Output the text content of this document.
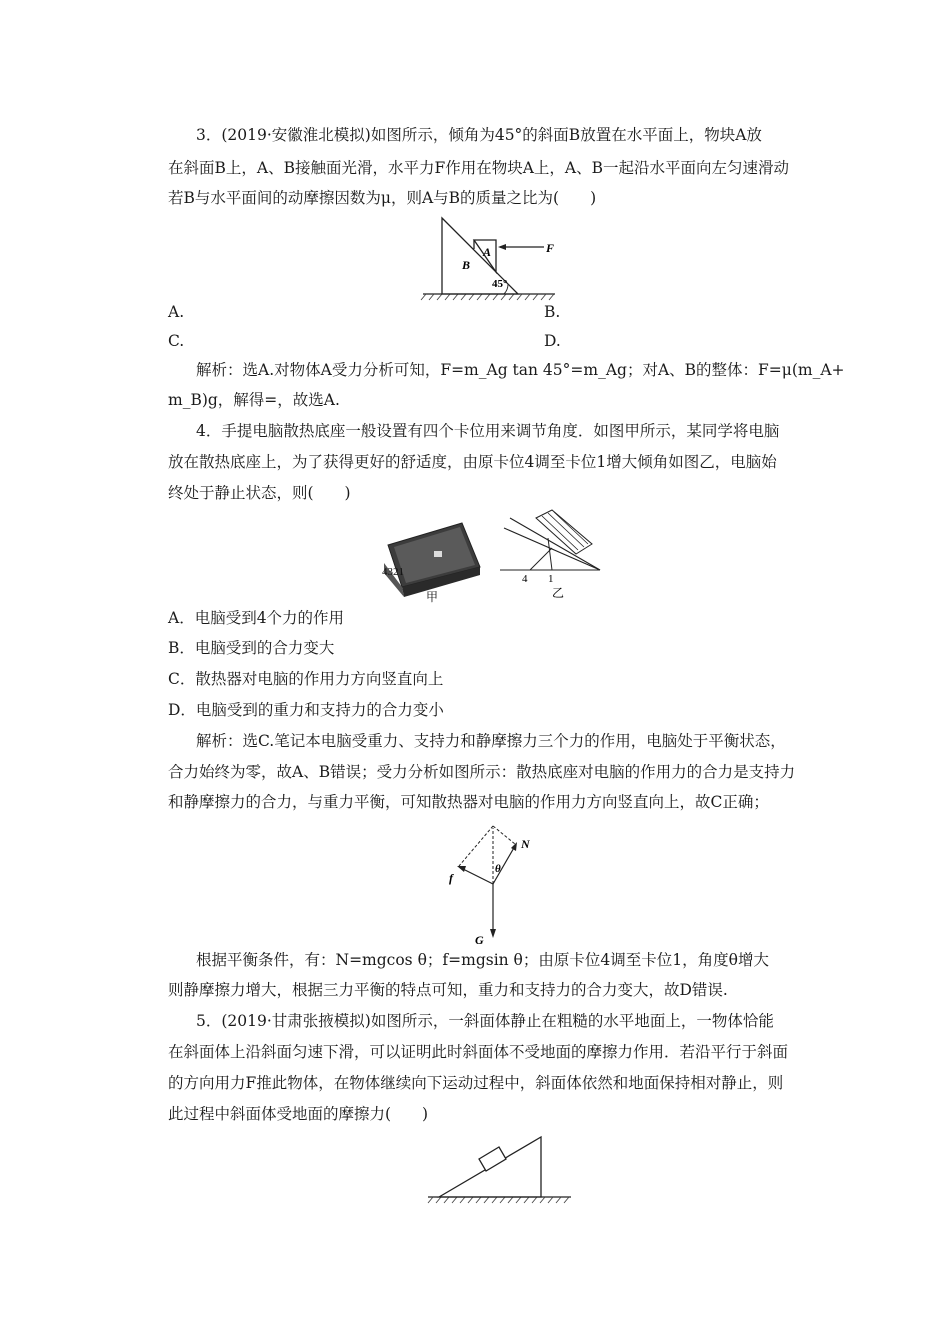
3．(2019·安徽淮北模拟)如图所示，倾角为45°的斜面B放置在水平面上，物块A放
在斜面B上，A、B接触面光滑，水平力F作用在物块A上，A、B一起沿水平面向左匀速滑动
若B与水平面间的动摩擦因数为μ，则A与B的质量之比为(　　)
B
A	F
45°
A.	B.
C.	D.
解析：选A.对物体A受力分析可知，F=m_Ag tan 45°=m_Ag；对A、B的整体：F=μ(m_A+
m_B)g，解得=，故选A.
4．手提电脑散热底座一般设置有四个卡位用来调节角度．如图甲所示，某同学将电脑
放在散热底座上，为了获得更好的舒适度，由原卡位4调至卡位1增大倾角如图乙，电脑始
终处于静止状态，则(　　)
4321
甲
4 1
乙
A．电脑受到4个力的作用
B．电脑受到的合力变大
C．散热器对电脑的作用力方向竖直向上
D．电脑受到的重力和支持力的合力变小
解析：选C.笔记本电脑受重力、支持力和静摩擦力三个力的作用，电脑处于平衡状态，
合力始终为零，故A、B错误；受力分析如图所示：散热底座对电脑的作用力的合力是支持力
和静摩擦力的合力，与重力平衡，可知散热器对电脑的作用力方向竖直向上，故C正确；
N
f
G
θ
根据平衡条件，有：N=mgcos θ；f=mgsin θ；由原卡位4调至卡位1，角度θ增大
则静摩擦力增大，根据三力平衡的特点可知，重力和支持力的合力变大，故D错误.
5．(2019·甘肃张掖模拟)如图所示，一斜面体静止在粗糙的水平地面上，一物体恰能
在斜面体上沿斜面匀速下滑，可以证明此时斜面体不受地面的摩擦力作用．若沿平行于斜面
的方向用力F推此物体，在物体继续向下运动过程中，斜面体依然和地面保持相对静止，则
此过程中斜面体受地面的摩擦力(　　)
